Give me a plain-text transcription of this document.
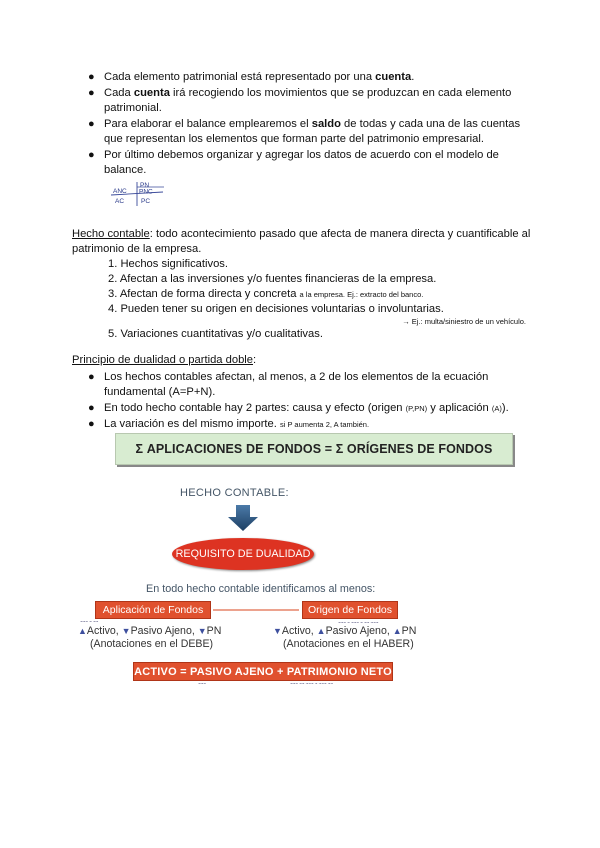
● Cada elemento patrimonial está representado por una cuenta.
● Cada cuenta irá recogiendo los movimientos que se produzcan en cada elemento patrimonial.
● Para elaborar el balance emplearemos el saldo de todas y cada una de las cuentas que representan los elementos que forman parte del patrimonio empresarial.
● Por último debemos organizar y agregar los datos de acuerdo con el modelo de balance.
PN
ANC PNC
AC	PC
Hecho contable: todo acontecimiento pasado que afecta de manera directa y cuantificable al patrimonio de la empresa.
1. Hechos significativos.
2. Afectan a las inversiones y/o fuentes financieras de la empresa.
3. Afectan de forma directa y concreta a la empresa. Ej.: extracto del banco.
4. Pueden tener su origen en decisiones voluntarias o involuntarias.
→ Ej.: multa/siniestro de un vehículo.
5. Variaciones cuantitativas y/o cualitativas.
Principio de dualidad o partida doble:
● Los hechos contables afectan, al menos, a 2 de los elementos de la ecuación fundamental (A=P+N).
● En todo hecho contable hay 2 partes: causa y efecto (origen (P,PN) y aplicación (A)).
● La variación es del mismo importe. si P aumenta 2, A también.
Σ APLICACIONES DE FONDOS = Σ ORÍGENES DE FONDOS
HECHO CONTABLE:
REQUISITO DE DUALIDAD
En todo hecho contable identificamos al menos:
Aplicación de Fondos	Origen de Fondos
~~~ ~ ~~	~~~ ~ ~~~ ~ ~~ ~~~
▲Activo, ▼Pasivo Ajeno, ▼PN
(Anotaciones en el DEBE)
▼Activo, ▲Pasivo Ajeno, ▲PN
(Anotaciones en el HABER)
ACTIVO = PASIVO AJENO + PATRIMONIO NETO
~~~	~~~ ~~ ~~~ ~ ~~~ ~~
